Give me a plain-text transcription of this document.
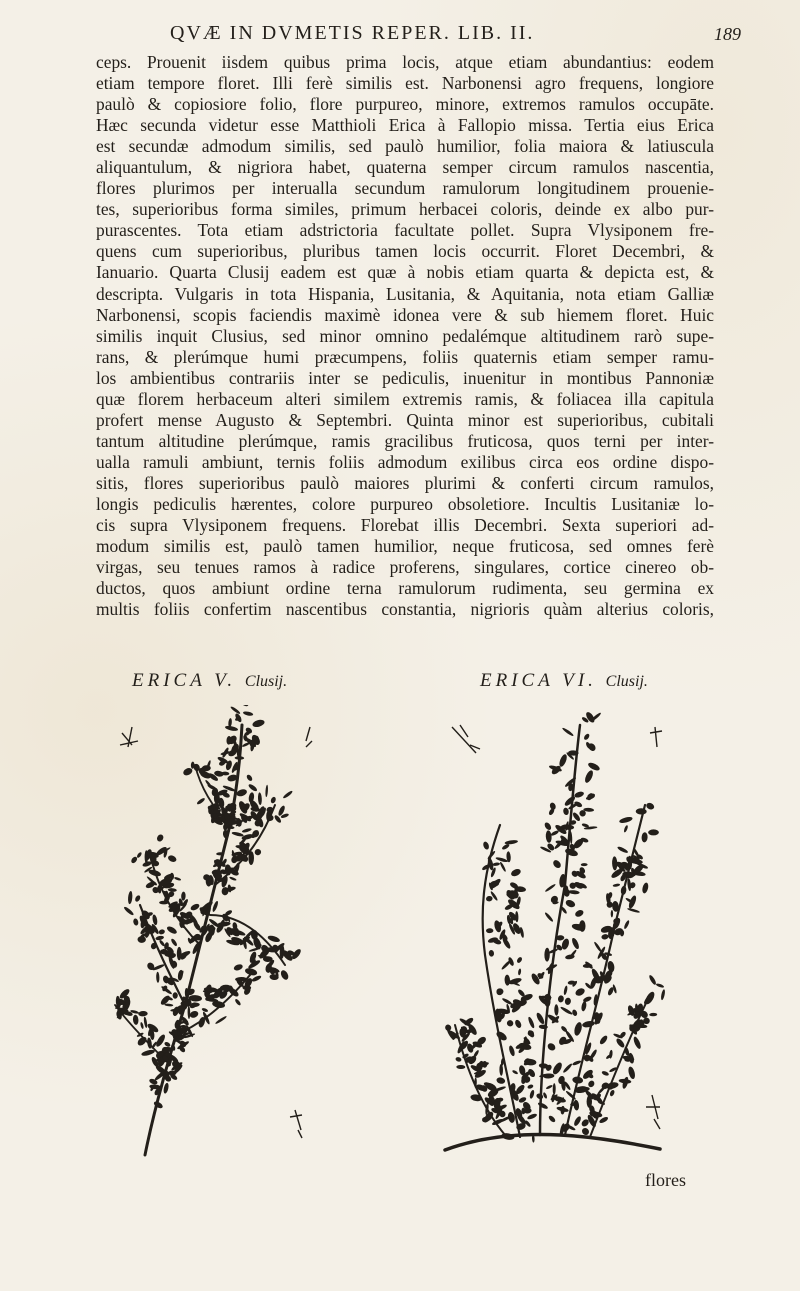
QVÆ IN DVMETIS REPER. LIB. II.	189
ceps. Prouenit iisdem quibus prima locis, atque etiam abundantius: eodem
etiam tempore floret. Illi ferè similis est. Narbonensi agro frequens, longiore
paulò & copiosiore folio, flore purpureo, minore, extremos ramulos occupāte.
Hæc secunda videtur esse Matthioli Erica à Fallopio missa. Tertia eius Erica
est secundæ admodum similis, sed paulò humilior, folia maiora & latiuscula
aliquantulum, & nigriora habet, quaterna semper circum ramulos nascentia,
flores plurimos per interualla secundum ramulorum longitudinem prouenie-
tes, superioribus forma similes, primum herbacei coloris, deinde ex albo pur-
purascentes. Tota etiam adstrictoria facultate pollet. Supra Vlysiponem fre-
quens cum superioribus, pluribus tamen locis occurrit. Floret Decembri, &
Ianuario. Quarta Clusij eadem est quæ à nobis etiam quarta & depicta est, &
descripta. Vulgaris in tota Hispania, Lusitania, & Aquitania, nota etiam Galliæ
Narbonensi, scopis faciendis maximè idonea vere & sub hiemem floret. Huic
similis inquit Clusius, sed minor omnino pedalémque altitudinem rarò supe-
rans, & plerúmque humi præcumpens, foliis quaternis etiam semper ramu-
los ambientibus contrariis inter se pediculis, inuenitur in montibus Pannoniæ
quæ florem herbaceum alteri similem extremis ramis, & foliacea illa capitula
profert mense Augusto & Septembri. Quinta minor est superioribus, cubitali
tantum altitudine plerúmque, ramis gracilibus fruticosa, quos terni per inter-
ualla ramuli ambiunt, ternis foliis admodum exilibus circa eos ordine dispo-
sitis, flores superioribus paulò maiores plurimi & conferti circum ramulos,
longis pediculis hærentes, colore purpureo obsoletiore. Incultis Lusitaniæ lo-
cis supra Vlysiponem frequens. Florebat illis Decembri. Sexta superiori ad-
modum similis est, paulò tamen humilior, neque fruticosa, sed omnes ferè
virgas, seu tenues ramos à radice proferens, singulares, cortice cinereo ob-
ductos, quos ambiunt ordine terna ramulorum rudimenta, seu germina ex
multis foliis confertim nascentibus constantia, nigrioris quàm alterius coloris,
ERICA V. Clusij.	ERICA VI. Clusij.
flores
